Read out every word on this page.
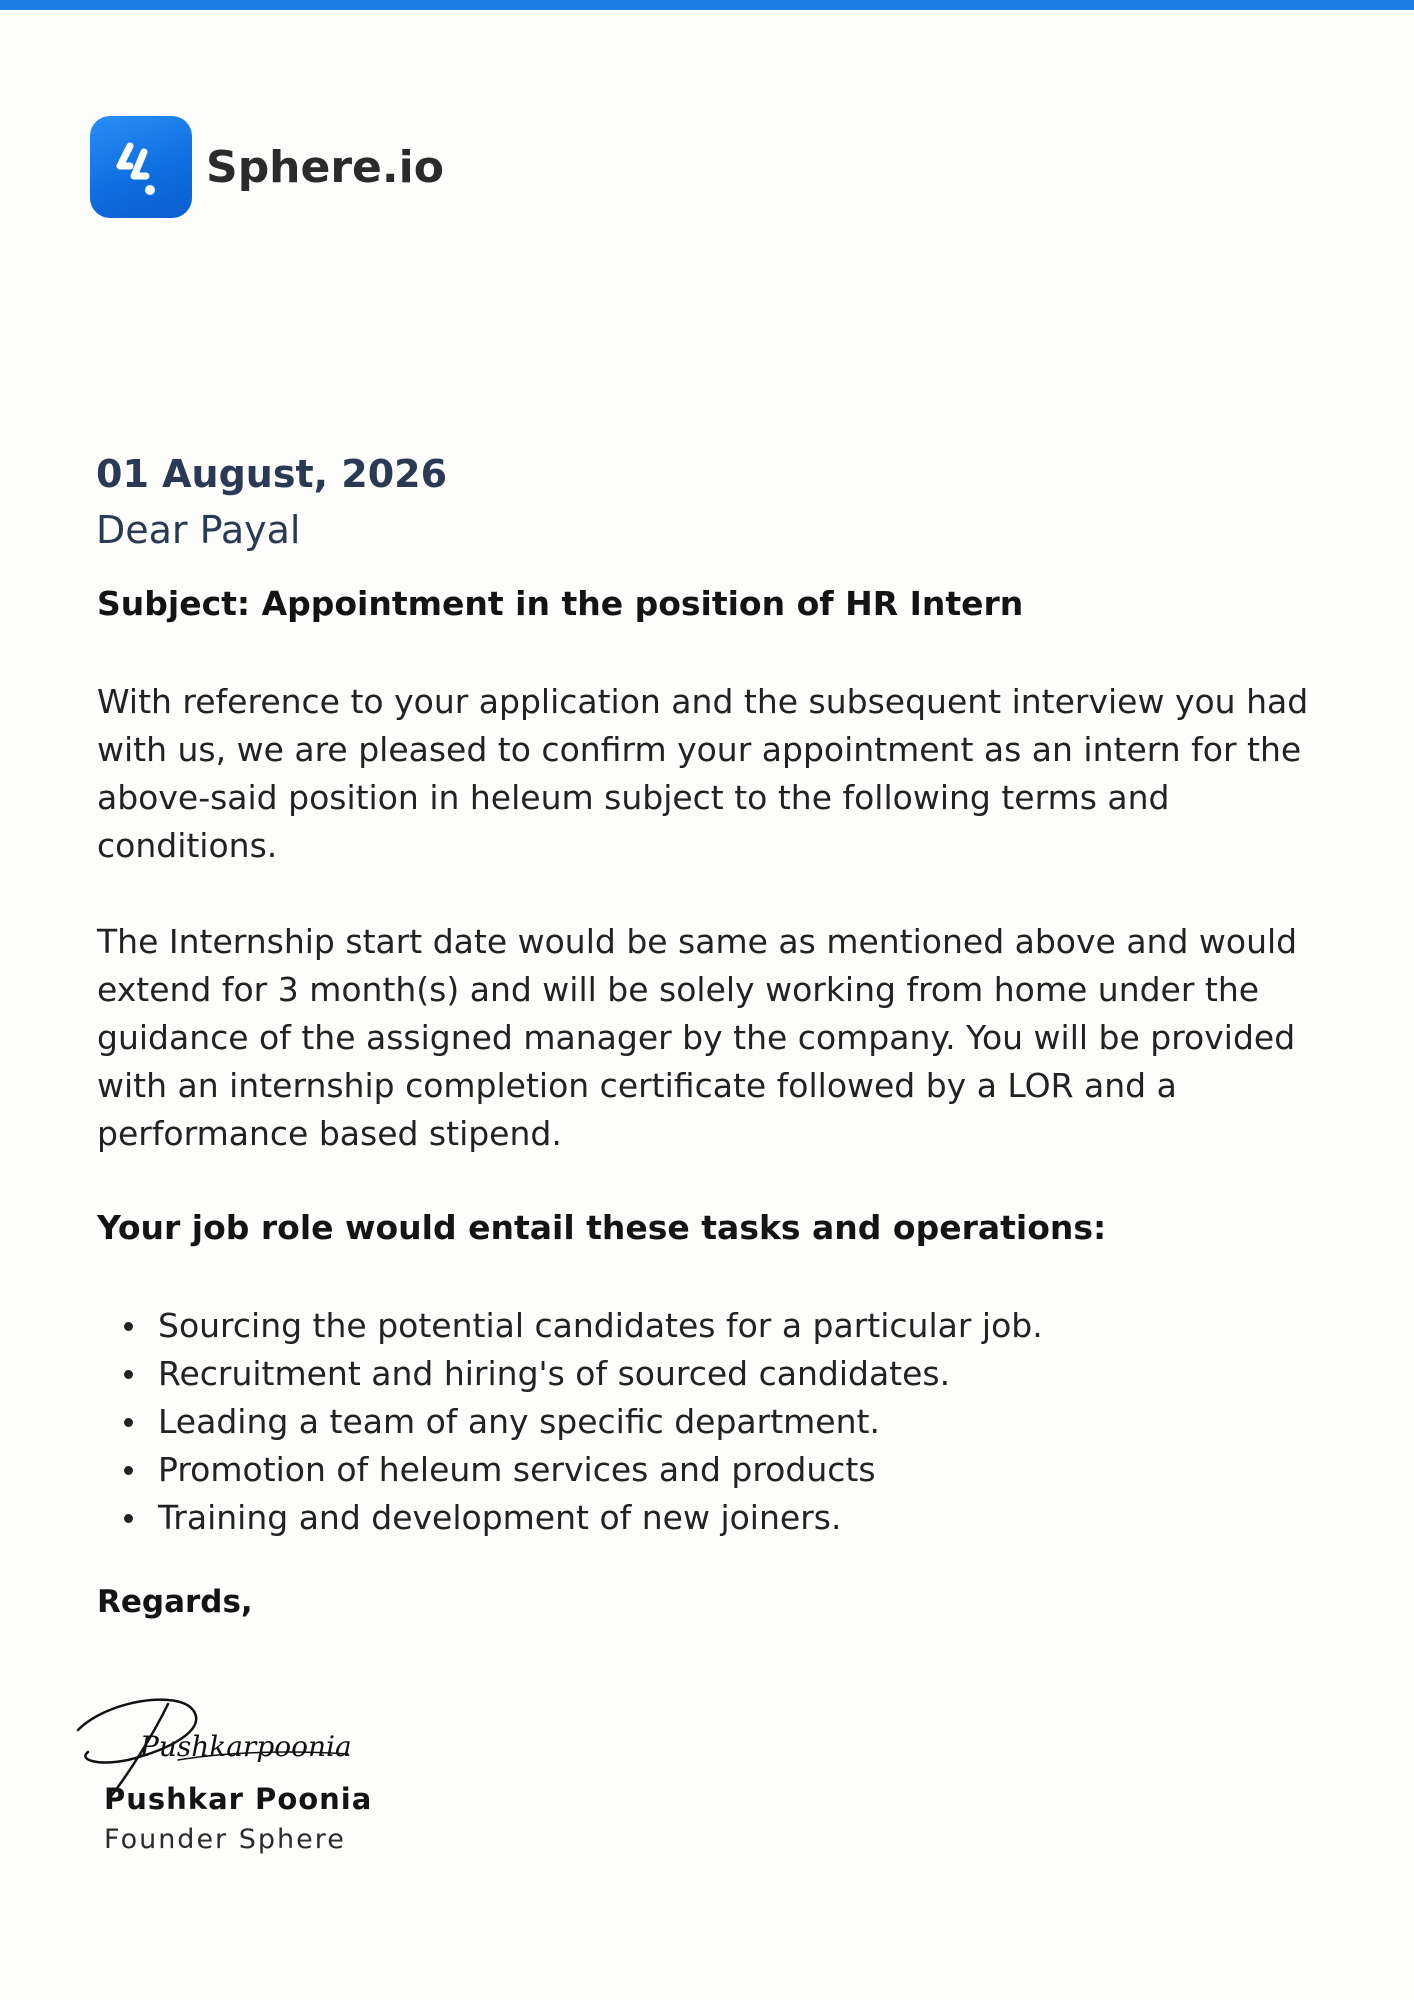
Sphere.io
01 August, 2026
Dear Payal
Subject: Appointment in the position of HR Intern

With reference to your application and the subsequent interview you had with us, we are pleased to confirm your appointment as an intern for the above-said position in heleum subject to the following terms and conditions.

The Internship start date would be same as mentioned above and would extend for 3 month(s) and will be solely working from home under the guidance of the assigned manager by the company. You will be provided with an internship completion certificate followed by a LOR and a performance based stipend.

Your job role would entail these tasks and operations:
Sourcing the potential candidates for a particular job.
Recruitment and hiring's of sourced candidates.
Leading a team of any specific department.
Promotion of heleum services and products
Training and development of new joiners.
Regards,
Pushkarpoonia
Pushkar Poonia
Founder Sphere
